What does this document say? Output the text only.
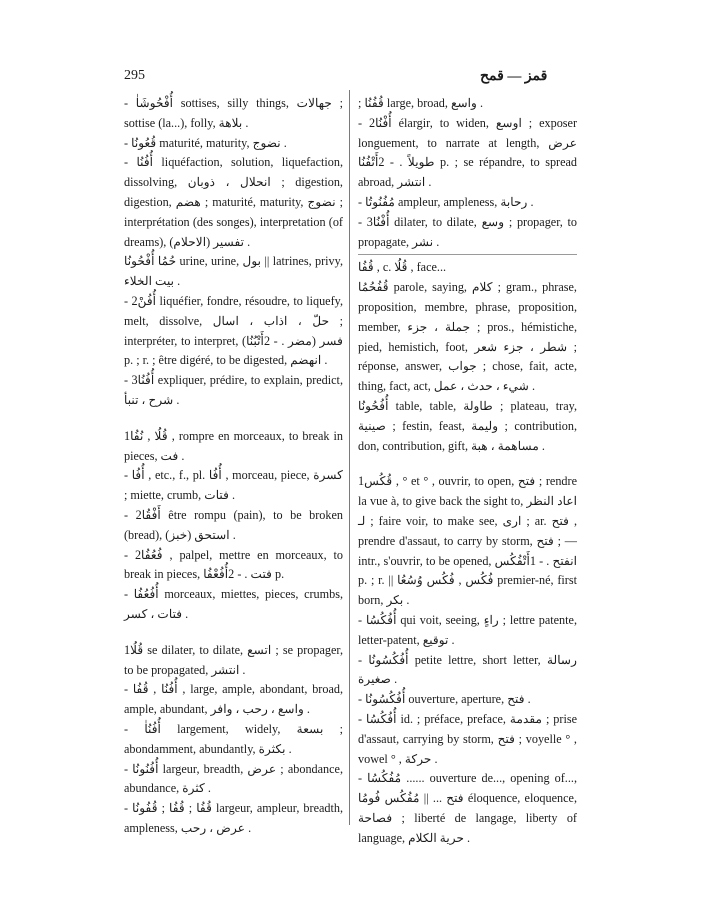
295	قمز — قمح

- أُفْحُوشَاٰ sottises, silly things, جهالات ; sottise (la...), folly, بلاهة .

- قُعُونُا maturité, maturity, نضوج .

- أُفُنُا liquéfaction, solution, liquefaction, dissolving, انحلال ، ذوبان ; digestion, digestion, هضم ; maturité, maturity, نضوج ; interprétation (des songes), interpretation (of dreams), تفسير (الاحلام) .

حُمُا أُفْحُونُا urine, urine, بول || latrines, privy, بيت الخلاء .

- 2أُفُنْ liquéfier, fondre, résoudre, to liquefy, melt, dissolve, حلّ ، اذاب ، اسال ; interpréter, to interpret, (فسر (مضر . - 2أَتْبُنُا p. ; r. ; être digéré, to be digested, انهضم .

- 3أُفُنُا expliquer, prédire, to explain, predict, شرح ، تنبأ .

1قُلُا , نُفُا , rompre en morceaux, to break in pieces, فت .

- أُفُا , etc., f., pl. أُفُا , morceau, piece, كسرة ; miette, crumb, فتات .

- 2أَفْقُا être rompu (pain), to be broken (bread), (استحق (خبز .

- 2فُعُفُا , palpel, mettre en morceaux, to break in pieces, فتت . - 2أُفُعْفُا p.

- أُفُعُفُا morceaux, miettes, pieces, crumbs, فتات ، كسر .

1قُلُا se dilater, to dilate, اتسع ; se propager, to be propagated, انتشر .

- أُفُنُا , قُفُا , large, ample, abondant, broad, ample, abundant, واسع ، رحب ، وافر .

- أُفُنُاٰ largement, widely, بسعة ; abondamment, abundantly, بكثرة .

- أُفُنُونُا largeur, breadth, عرض ; abondance, abundance, كثرة .

- قُفُا ; قُفُا ; قُفُونُا largeur, ampleur, breadth, ampleness, عرض ، رحب .

; قُفُنُا large, broad, واسع .

- 2أُفْنُا élargir, to widen, اوسع ; exposer longuement, to narrate at length, عرض طويلاً . - 2أَتْفُنُا p. ; se répandre, to spread abroad, انتشر .

- مُفُنُوتُا ampleur, ampleness, رحابة .

- 3أُفْنُا dilater, to dilate, وسع ; propager, to propagate, نشر .

قُفُا , c. قُلُا , face...

قُفُحُمُا parole, saying, كلام ; gram., phrase, proposition, membre, phrase, proposition, member, جملة ، جزء ; pros., hémistiche, pied, hemistich, foot, شطر ، جزء شعر ; réponse, answer, جواب ; chose, fait, acte, thing, fact, act, شيء ، حدث ، عمل .

أُفُحُونُا table, table, طاولة ; plateau, tray, صينية ; festin, feast, وليمة ; contribution, don, contribution, gift, مساهمة ، هبة .

1قُكُس , ° et ° , ouvrir, to open, فتح ; rendre la vue à, to give back the sight to, اعاد النظر لـ ; faire voir, to make see, ارى ; ar. فتح , prendre d'assaut, to carry by storm, فتح ; — intr., s'ouvrir, to be opened, انفتح . - 1أَتْفُكُس p. ; r. || فُكُس , فُكُس وُسُعُا premier-né, first born, بكر .

- أُفُكُسُا qui voit, seeing, راءٍ ; lettre patente, letter-patent, توقيع .

- أُفُكُسُونُا petite lettre, short letter, رسالة صغيرة .

- أُفُكُسُونُا ouverture, aperture, فتح .

- أُفُكُسُا id. ; préface, preface, مقدمة ; prise d'assaut, carrying by storm, فتح ; voyelle ° , vowel ° , حركة .

- مُفُكُسُا ...... ouverture de..., opening of..., فتح ... || مُفُكُس فُومُا éloquence, eloquence, فصاحة ; liberté de langage, liberty of language, حرية الكلام .
